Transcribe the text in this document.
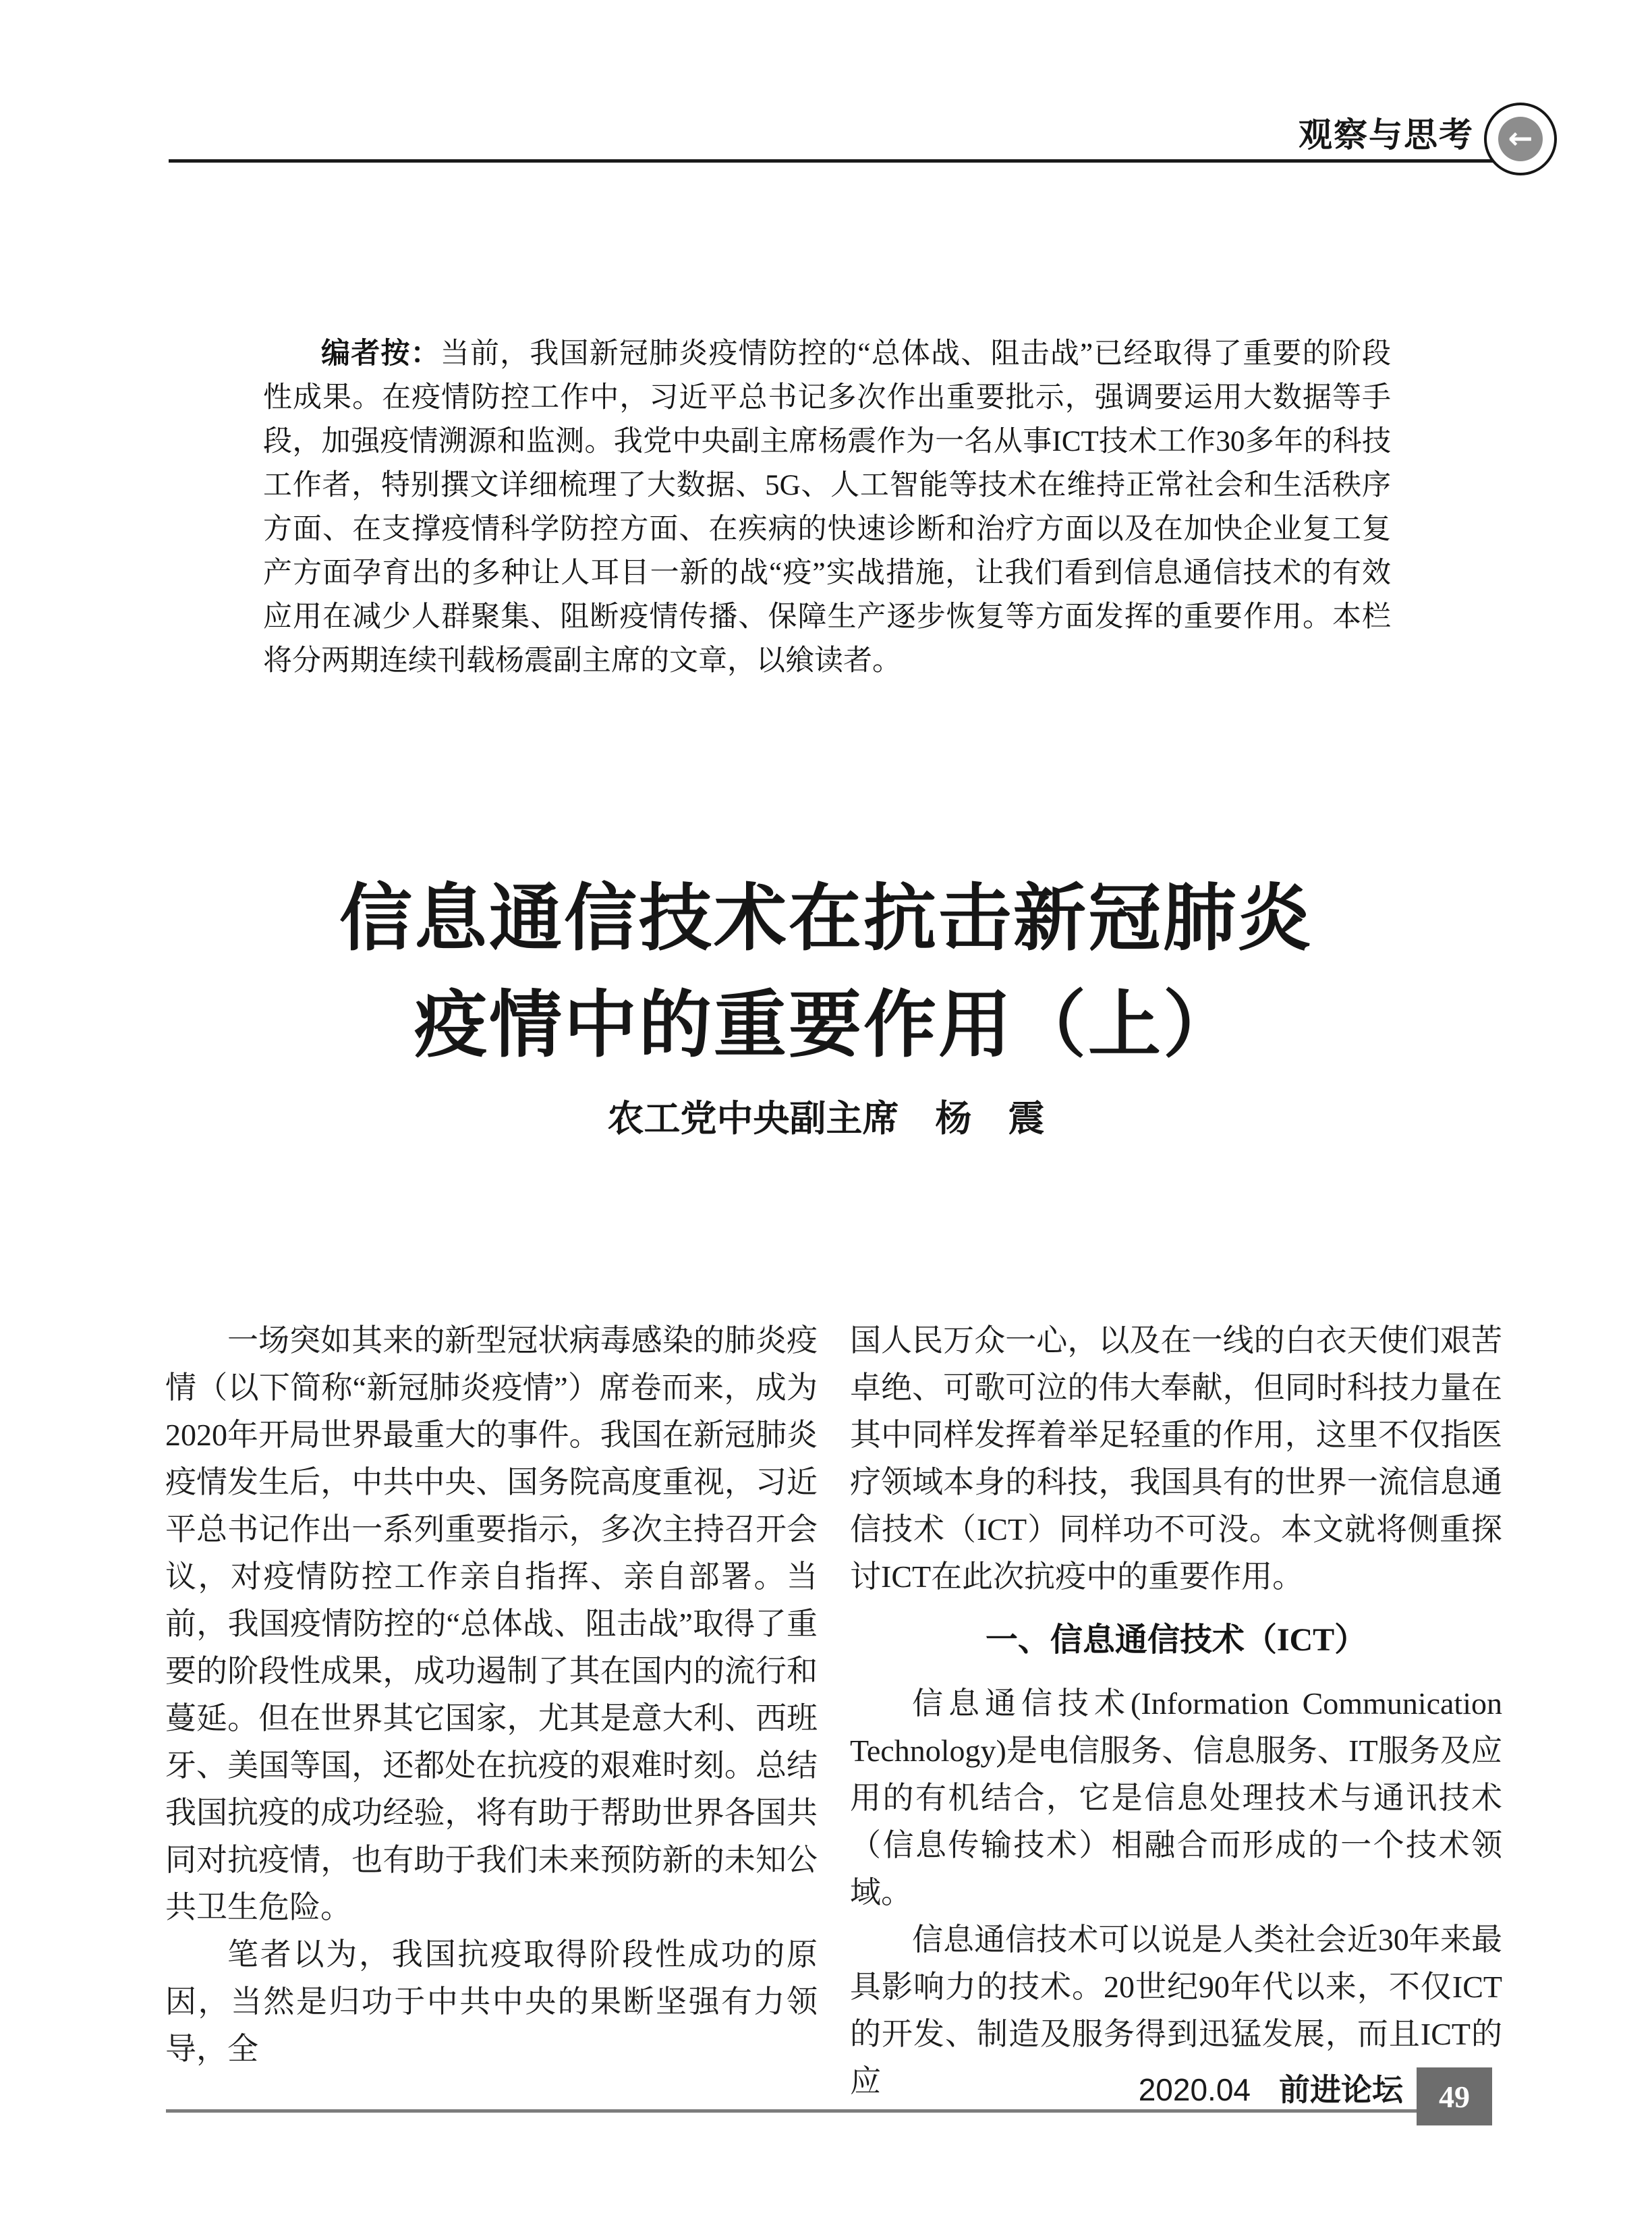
观察与思考 ←

编者按：当前，我国新冠肺炎疫情防控的“总体战、阻击战”已经取得了重要的阶段性成果。在疫情防控工作中，习近平总书记多次作出重要批示，强调要运用大数据等手段，加强疫情溯源和监测。我党中央副主席杨震作为一名从事ICT技术工作30多年的科技工作者，特别撰文详细梳理了大数据、5G、人工智能等技术在维持正常社会和生活秩序方面、在支撑疫情科学防控方面、在疾病的快速诊断和治疗方面以及在加快企业复工复产方面孕育出的多种让人耳目一新的战“疫”实战措施，让我们看到信息通信技术的有效应用在减少人群聚集、阻断疫情传播、保障生产逐步恢复等方面发挥的重要作用。本栏将分两期连续刊载杨震副主席的文章，以飨读者。

信息通信技术在抗击新冠肺炎
疫情中的重要作用（上）
农工党中央副主席　杨　震

一场突如其来的新型冠状病毒感染的肺炎疫情（以下简称“新冠肺炎疫情”）席卷而来，成为2020年开局世界最重大的事件。我国在新冠肺炎疫情发生后，中共中央、国务院高度重视，习近平总书记作出一系列重要指示，多次主持召开会议，对疫情防控工作亲自指挥、亲自部署。当前，我国疫情防控的“总体战、阻击战”取得了重要的阶段性成果，成功遏制了其在国内的流行和蔓延。但在世界其它国家，尤其是意大利、西班牙、美国等国，还都处在抗疫的艰难时刻。总结我国抗疫的成功经验，将有助于帮助世界各国共同对抗疫情，也有助于我们未来预防新的未知公共卫生危险。

笔者以为，我国抗疫取得阶段性成功的原因，当然是归功于中共中央的果断坚强有力领导，全

国人民万众一心，以及在一线的白衣天使们艰苦卓绝、可歌可泣的伟大奉献，但同时科技力量在其中同样发挥着举足轻重的作用，这里不仅指医疗领域本身的科技，我国具有的世界一流信息通信技术（ICT）同样功不可没。本文就将侧重探讨ICT在此次抗疫中的重要作用。

一、信息通信技术（ICT）

信息通信技术(Information Communication Technology)是电信服务、信息服务、IT服务及应用的有机结合，它是信息处理技术与通讯技术（信息传输技术）相融合而形成的一个技术领域。

信息通信技术可以说是人类社会近30年来最具影响力的技术。20世纪90年代以来，不仅ICT的开发、制造及服务得到迅猛发展，而且ICT的应	2020.04 前进论坛 49
